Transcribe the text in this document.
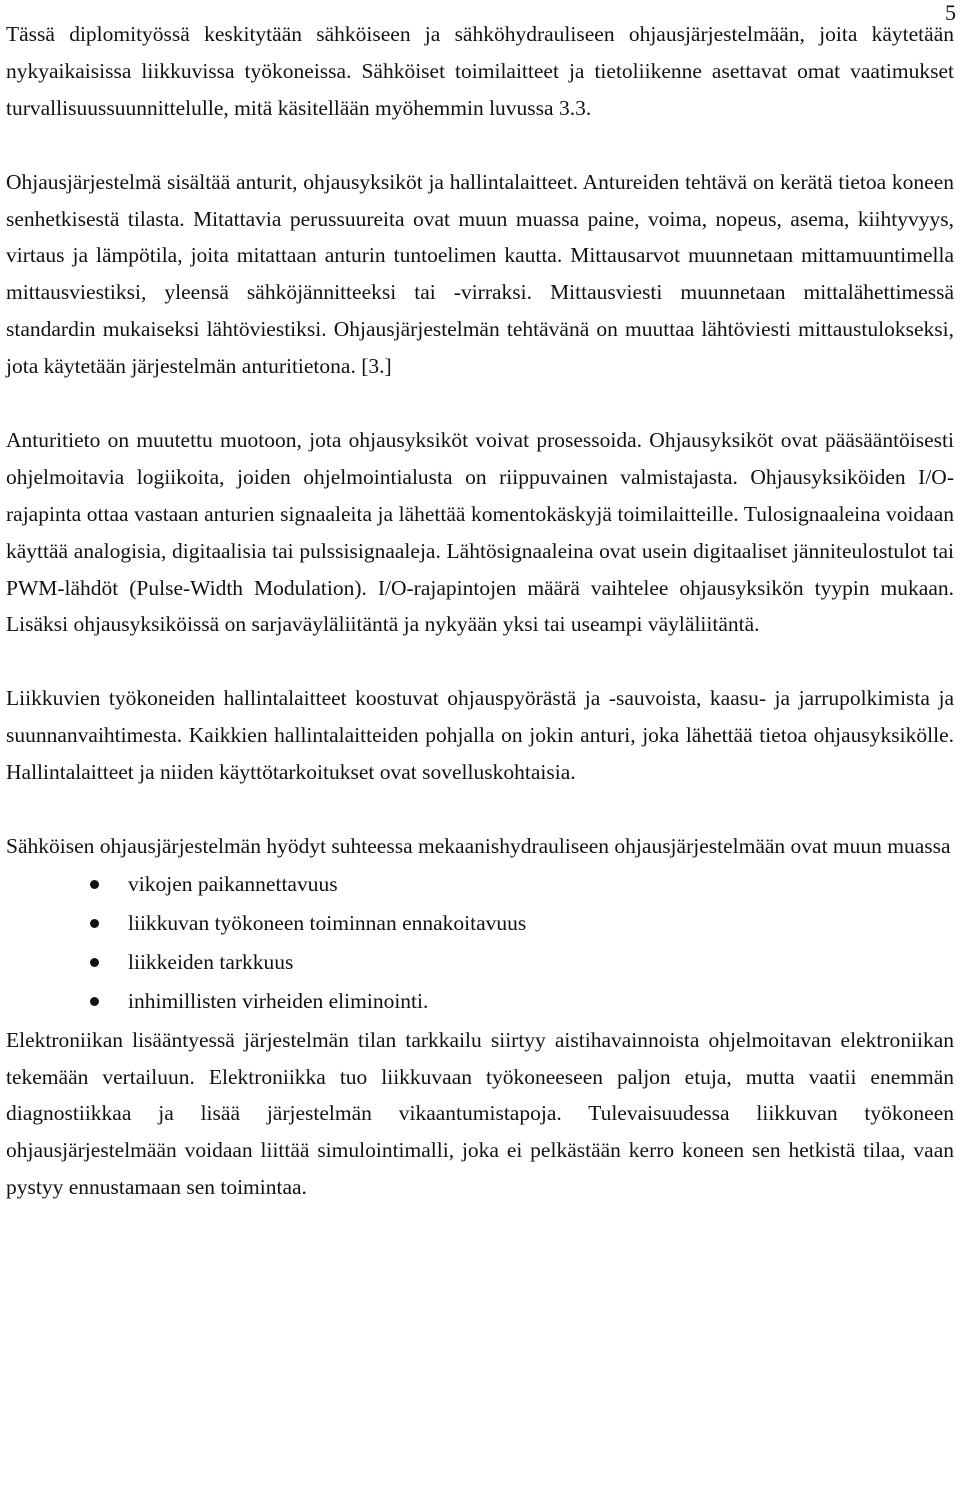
5

Tässä diplomityössä keskitytään sähköiseen ja sähköhydrauliseen ohjausjärjestelmään, joita käytetään nykyaikaisissa liikkuvissa työkoneissa. Sähköiset toimilaitteet ja tietoliikenne asettavat omat vaatimukset turvallisuussuunnittelulle, mitä käsitellään myöhemmin luvussa 3.3.

Ohjausjärjestelmä sisältää anturit, ohjausyksiköt ja hallintalaitteet. Antureiden tehtävä on kerätä tietoa koneen senhetkisestä tilasta. Mitattavia perussuureita ovat muun muassa paine, voima, nopeus, asema, kiihtyvyys, virtaus ja lämpötila, joita mitattaan anturin tuntoelimen kautta. Mittausarvot muunnetaan mittamuuntimella mittausviestiksi, yleensä sähköjännitteeksi tai -virraksi. Mittausviesti muunnetaan mittalähettimessä standardin mukaiseksi lähtöviestiksi. Ohjausjärjestelmän tehtävänä on muuttaa lähtöviesti mittaustulokseksi, jota käytetään järjestelmän anturitietona. [3.]

Anturitieto on muutettu muotoon, jota ohjausyksiköt voivat prosessoida. Ohjausyksiköt ovat pääsääntöisesti ohjelmoitavia logiikoita, joiden ohjelmointialusta on riippuvainen valmistajasta. Ohjausyksiköiden I/O-rajapinta ottaa vastaan anturien signaaleita ja lähettää komentokäskyjä toimilaitteille. Tulosignaaleina voidaan käyttää analogisia, digitaalisia tai pulssisignaaleja. Lähtösignaaleina ovat usein digitaaliset jänniteulostulot tai PWM-lähdöt (Pulse-Width Modulation). I/O-rajapintojen määrä vaihtelee ohjausyksikön tyypin mukaan. Lisäksi ohjausyksiköissä on sarjaväyläliitäntä ja nykyään yksi tai useampi väyläliitäntä.

Liikkuvien työkoneiden hallintalaitteet koostuvat ohjauspyörästä ja -sauvoista, kaasu- ja jarrupolkimista ja suunnanvaihtimesta. Kaikkien hallintalaitteiden pohjalla on jokin anturi, joka lähettää tietoa ohjausyksikölle. Hallintalaitteet ja niiden käyttötarkoitukset ovat sovelluskohtaisia.

Sähköisen ohjausjärjestelmän hyödyt suhteessa mekaanishydrauliseen ohjausjärjestelmään ovat muun muassa

vikojen paikannettavuus
liikkuvan työkoneen toiminnan ennakoitavuus
liikkeiden tarkkuus
inhimillisten virheiden eliminointi.

Elektroniikan lisääntyessä järjestelmän tilan tarkkailu siirtyy aistihavainnoista ohjelmoitavan elektroniikan tekemään vertailuun. Elektroniikka tuo liikkuvaan työkoneeseen paljon etuja, mutta vaatii enemmän diagnostiikkaa ja lisää järjestelmän vikaantumistapoja. Tulevaisuudessa liikkuvan työkoneen ohjausjärjestelmään voidaan liittää simulointimalli, joka ei pelkästään kerro koneen sen hetkistä tilaa, vaan pystyy ennustamaan sen toimintaa.
